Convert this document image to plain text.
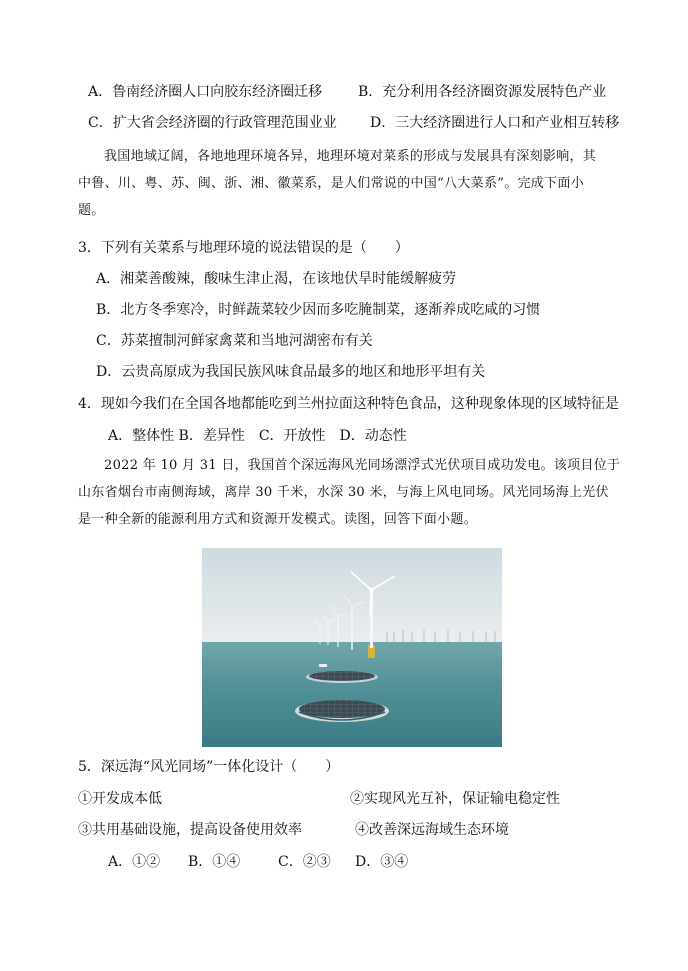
A．鲁南经济圈人口向胶东经济圈迁移	B．充分利用各经济圈资源发展特色产业

C．扩大省会经济圈的行政管理范围业业 D．三大经济圈进行人口和产业相互转移

我国地域辽阔，各地地理环境各异，地理环境对菜系的形成与发展具有深刻影响，其

中鲁、川、粤、苏、闽、浙、湘、徽菜系，是人们常说的中国“八大菜系”。完成下面小

题。

3．下列有关菜系与地理环境的说法错误的是（　　）

A．湘菜善酸辣，酸味生津止渴，在该地伏旱时能缓解疲劳

B．北方冬季寒冷，时鲜蔬菜较少因而多吃腌制菜，逐渐养成吃咸的习惯

C．苏菜擅制河鲜家禽菜和当地河湖密布有关

D．云贵高原成为我国民族风味食品最多的地区和地形平坦有关

4．现如今我们在全国各地都能吃到兰州拉面这种特色食品，这种现象体现的区域特征是

A．整体性 B．差异性　C．开放性　D．动态性

2022 年 10 月 31 日，我国首个深远海风光同场漂浮式光伏项目成功发电。该项目位于

山东省烟台市南侧海域，离岸 30 千米，水深 30 米，与海上风电同场。风光同场海上光伏

是一种全新的能源利用方式和资源开发模式。读图，回答下面小题。

5．深远海“风光同场”一体化设计（　　）

①开发成本低	②实现风光互补，保证输电稳定性

③共用基础设施，提高设备使用效率	④改善深远海域生态环境

A．①② B．①④	C．②③ D．③④
